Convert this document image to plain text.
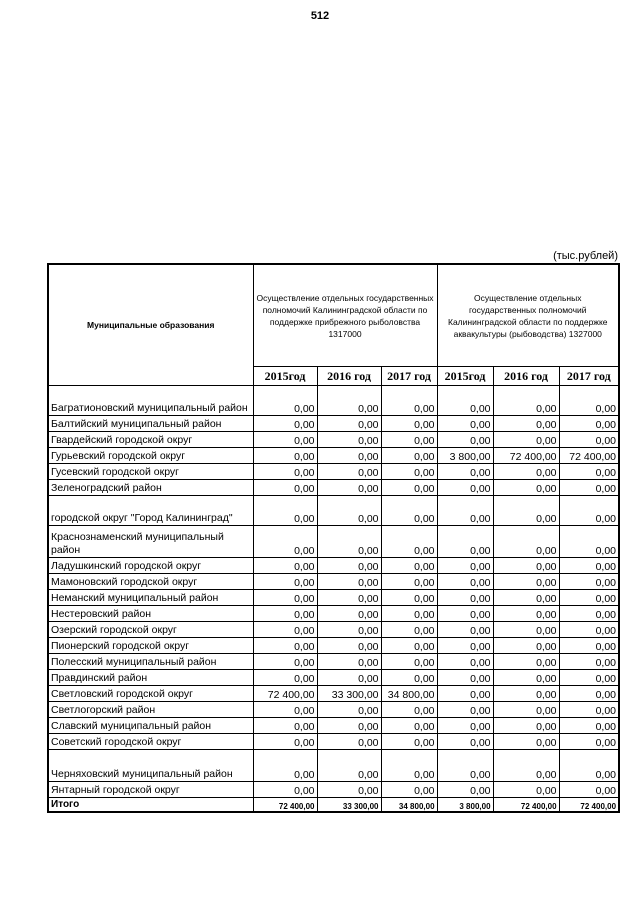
512
(тыс.рублей)
Муниципальные образования	Осуществление отдельных государственных полномочий Калининградской области по поддержке прибрежного рыболовства 1317000			Осуществление отдельных государственных полномочий Калининградской области по поддержке аквакультуры (рыбоводства) 1327000		
	2015год	2016 год	2017 год	2015год	2016 год	2017 год
Багратионовский муниципальный район	0,00	0,00	0,00	0,00	0,00	0,00
Балтийский муниципальный район	0,00	0,00	0,00	0,00	0,00	0,00
Гвардейский городской округ	0,00	0,00	0,00	0,00	0,00	0,00
Гурьевский городской округ	0,00	0,00	0,00	3 800,00	72 400,00	72 400,00
Гусевский городской округ	0,00	0,00	0,00	0,00	0,00	0,00
Зеленоградский район	0,00	0,00	0,00	0,00	0,00	0,00
городской округ "Город Калининград"	0,00	0,00	0,00	0,00	0,00	0,00
Краснознаменский муниципальный район	0,00	0,00	0,00	0,00	0,00	0,00
Ладушкинский городской округ	0,00	0,00	0,00	0,00	0,00	0,00
Мамоновский городской округ	0,00	0,00	0,00	0,00	0,00	0,00
Неманский муниципальный район	0,00	0,00	0,00	0,00	0,00	0,00
Нестеровский район	0,00	0,00	0,00	0,00	0,00	0,00
Озерский городской округ	0,00	0,00	0,00	0,00	0,00	0,00
Пионерский городской округ	0,00	0,00	0,00	0,00	0,00	0,00
Полесский муниципальный район	0,00	0,00	0,00	0,00	0,00	0,00
Правдинский район	0,00	0,00	0,00	0,00	0,00	0,00
Светловский городской округ	72 400,00	33 300,00	34 800,00	0,00	0,00	0,00
Светлогорский район	0,00	0,00	0,00	0,00	0,00	0,00
Славский муниципальный район	0,00	0,00	0,00	0,00	0,00	0,00
Советский городской округ	0,00	0,00	0,00	0,00	0,00	0,00
Черняховский муниципальный район	0,00	0,00	0,00	0,00	0,00	0,00
Янтарный городской округ	0,00	0,00	0,00	0,00	0,00	0,00
Итого	72 400,00	33 300,00	34 800,00	3 800,00	72 400,00	72 400,00
